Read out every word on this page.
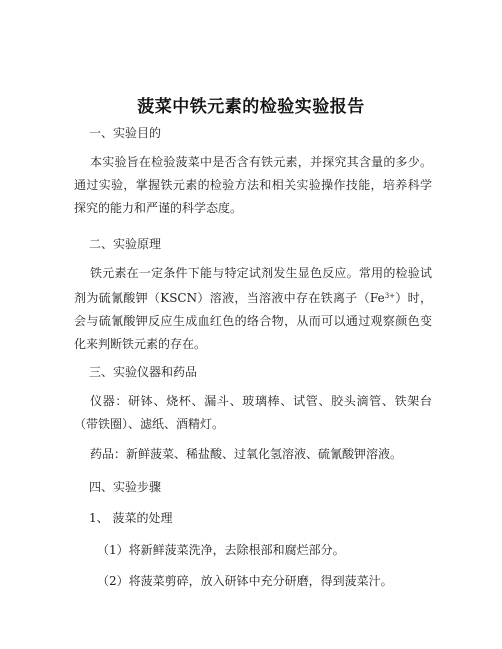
菠菜中铁元素的检验实验报告
一、实验目的
本实验旨在检验菠菜中是否含有铁元素，并探究其含量的多少。通过实验，掌握铁元素的检验方法和相关实验操作技能，培养科学探究的能力和严谨的科学态度。
二、实验原理
铁元素在一定条件下能与特定试剂发生显色反应。常用的检验试剂为硫氰酸钾（KSCN）溶液，当溶液中存在铁离子$(Fe^{3+})$时，会与硫氰酸钾反应生成血红色的络合物，从而可以通过观察颜色变化来判断铁元素的存在。
三、实验仪器和药品
仪器：研钵、烧杯、漏斗、玻璃棒、试管、胶头滴管、铁架台（带铁圈）、滤纸、酒精灯。
药品：新鲜菠菜、稀盐酸、过氧化氢溶液、硫氰酸钾溶液。
四、实验步骤
1、 菠菜的处理
（1）将新鲜菠菜洗净，去除根部和腐烂部分。
（2）将菠菜剪碎，放入研钵中充分研磨，得到菠菜汁。
